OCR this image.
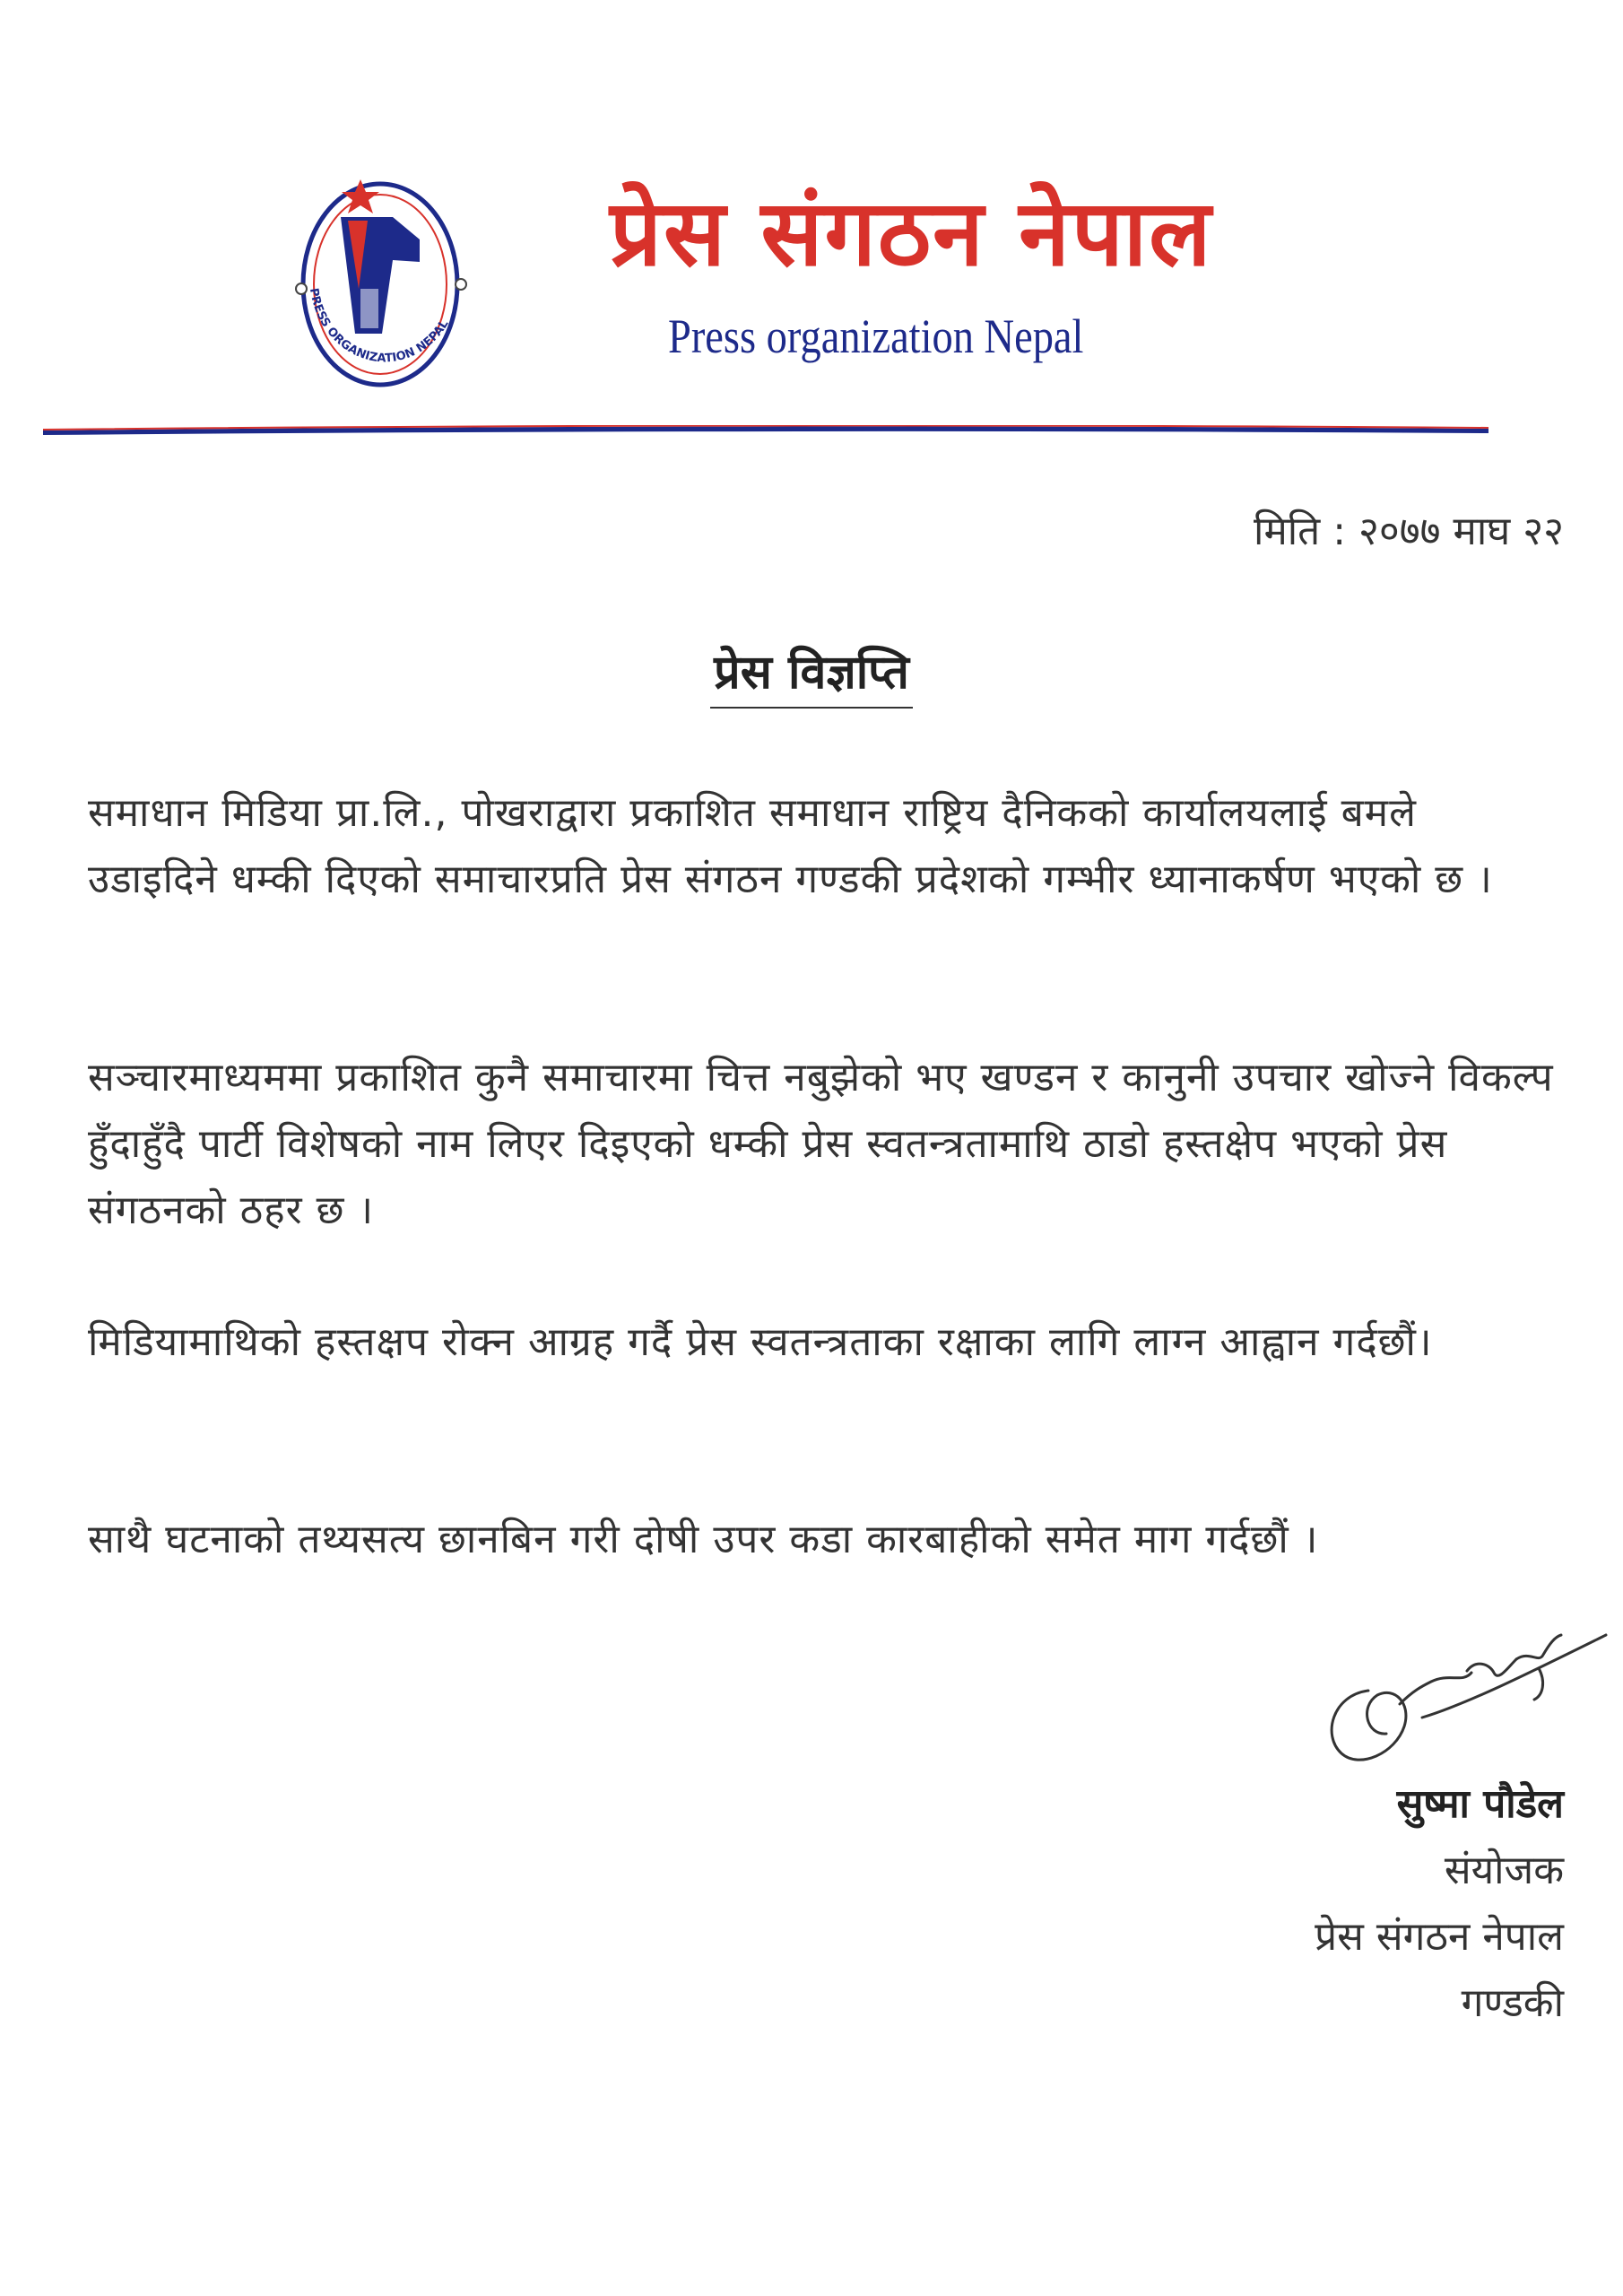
PRESS ORGANIZATION NEPAL
प्रेस संगठन नेपाल
Press organization Nepal
मिति : २०७७ माघ २२
प्रेस विज्ञप्ति
समाधान मिडिया प्रा.लि., पोखराद्वारा प्रकाशित समाधान राष्ट्रिय दैनिकको कार्यालयलाई बमले उडाइदिने धम्की दिएको समाचारप्रति प्रेस संगठन गण्डकी प्रदेशको गम्भीर ध्यानाकर्षण भएको छ ।
सञ्चारमाध्यममा प्रकाशित कुनै समाचारमा चित्त नबुझेको भए खण्डन र कानुनी उपचार खोज्ने विकल्प हुँदाहुँदै पार्टी विशेषको नाम लिएर दिइएको धम्की प्रेस स्वतन्त्रतामाथि ठाडो हस्तक्षेप भएको प्रेस संगठनको ठहर छ ।
मिडियामाथिको हस्तक्षप रोक्न आग्रह गर्दै प्रेस स्वतन्त्रताका रक्षाका लागि लाग्न आह्वान गर्दछौं।
साथै घटनाको तथ्यसत्य छानबिन गरी दोषी उपर कडा कारबाहीको समेत माग गर्दछौं ।
सुष्मा पौडेल
संयोजक
प्रेस संगठन नेपाल
गण्डकी
